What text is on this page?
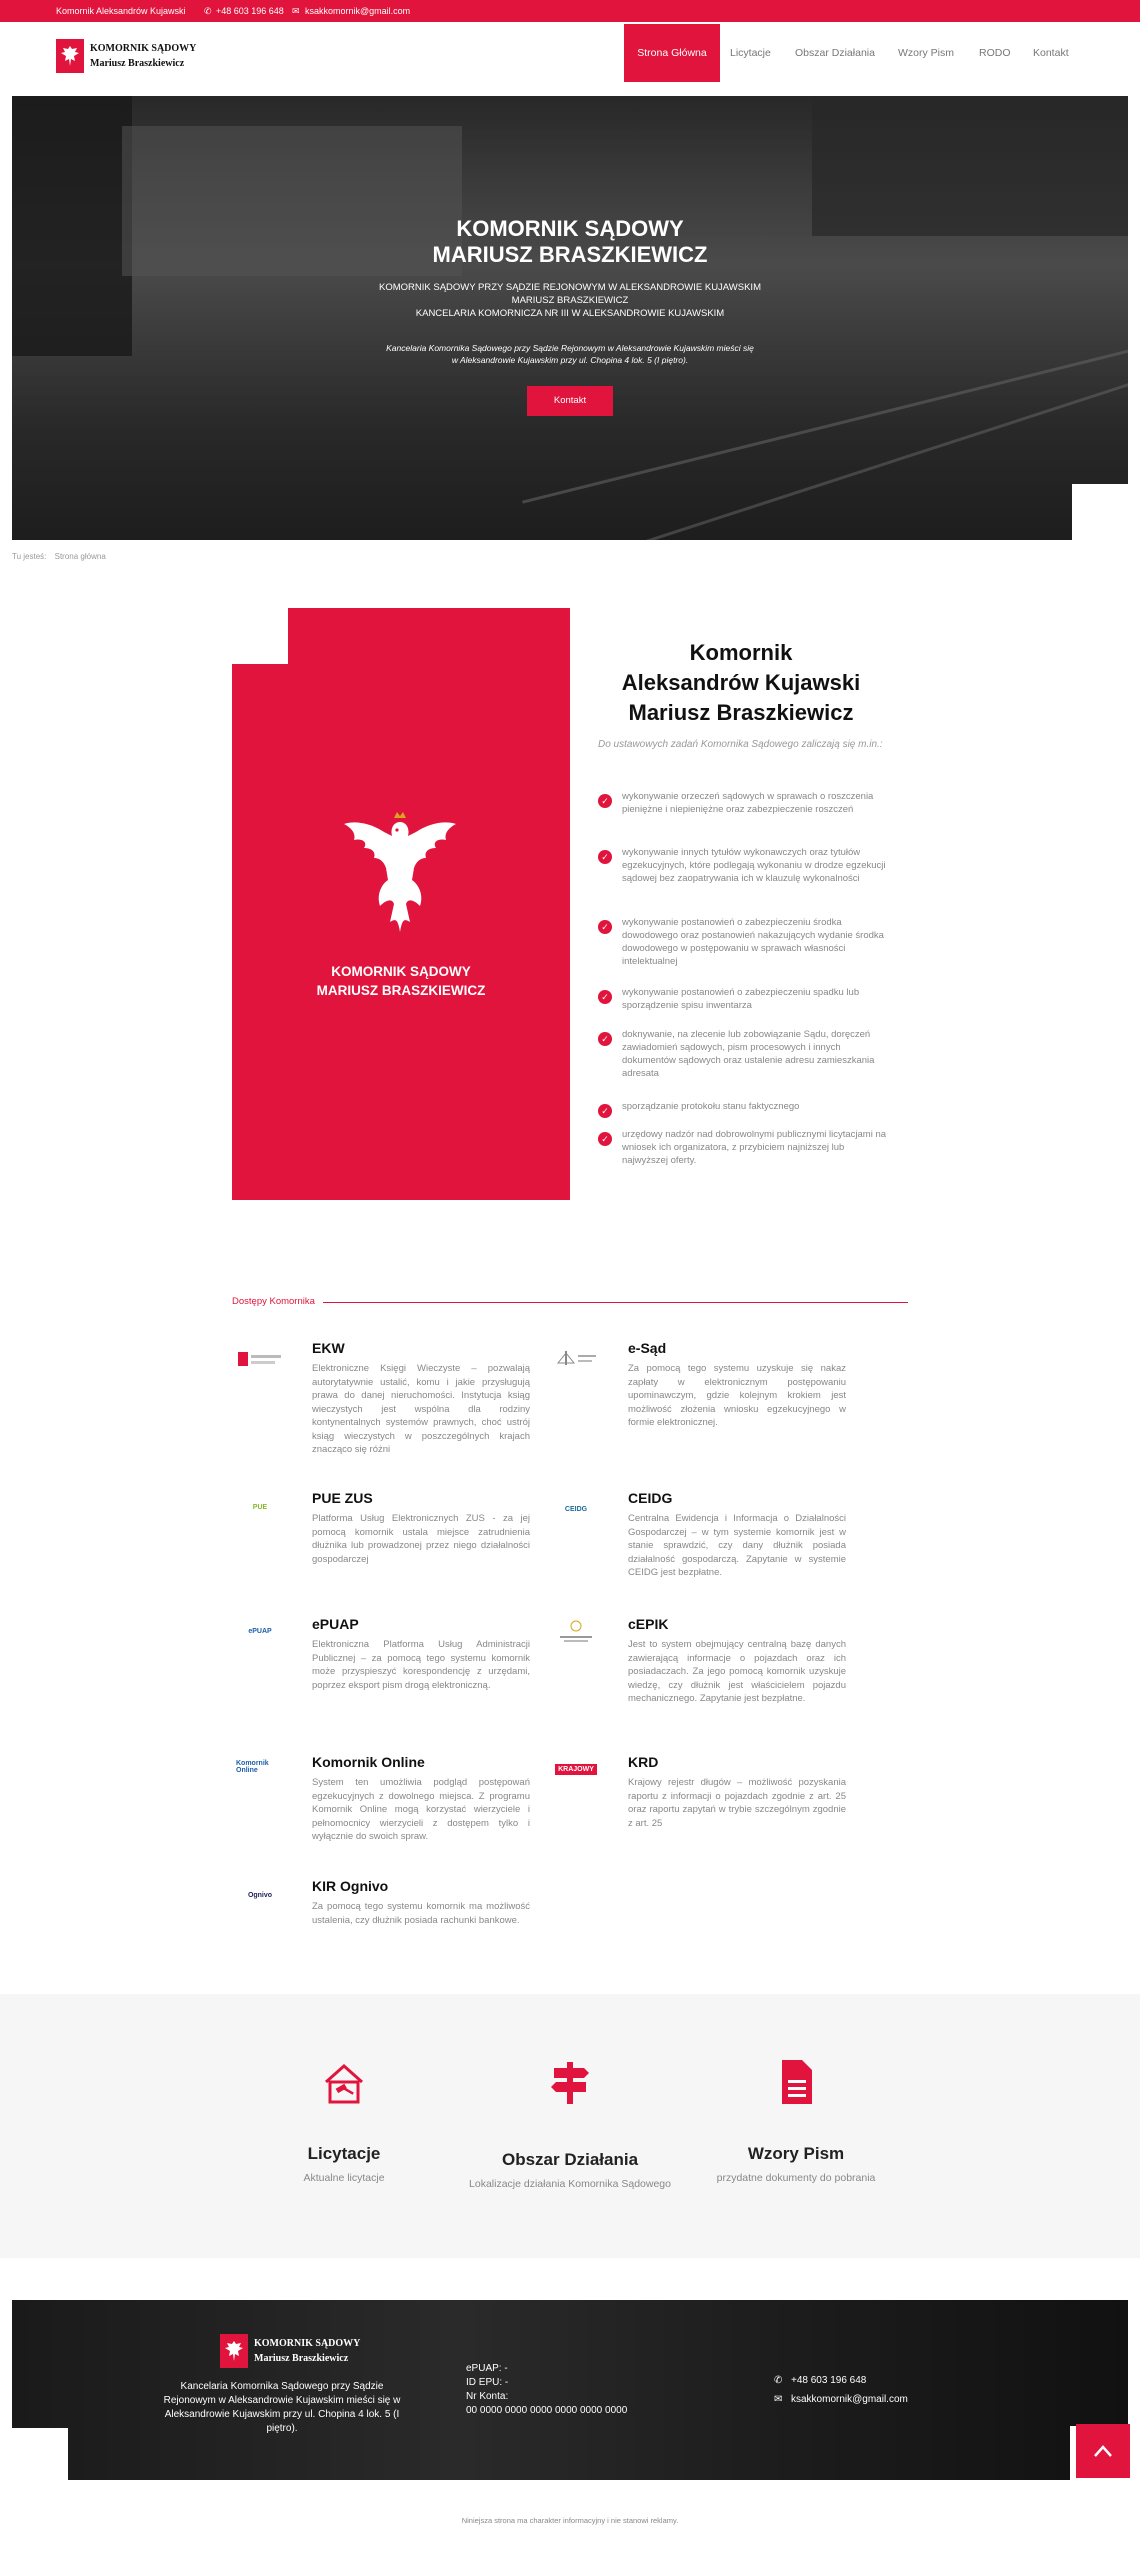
Komornik Aleksandrów Kujawski ✆ +48 603 196 648 ✉ ksakkomornik@gmail.com
KOMORNIK SĄDOWY
Mariusz Braszkiewicz
Strona Główna	Licytacje Obszar Działania Wzory Pism RODO Kontakt
KOMORNIK SĄDOWY
MARIUSZ BRASZKIEWICZ
KOMORNIK SĄDOWY PRZY SĄDZIE REJONOWYM W ALEKSANDROWIE KUJAWSKIM
MARIUSZ BRASZKIEWICZ
KANCELARIA KOMORNICZA NR III W ALEKSANDROWIE KUJAWSKIM
Kancelaria Komornika Sądowego przy Sądzie Rejonowym w Aleksandrowie Kujawskim mieści się
w Aleksandrowie Kujawskim przy ul. Chopina 4 lok. 5 (I piętro).
Kontakt
Tu jesteś: Strona główna
KOMORNIK SĄDOWY
MARIUSZ BRASZKIEWICZ
Komornik
Aleksandrów Kujawski
Mariusz Braszkiewicz
Do ustawowych zadań Komornika Sądowego zaliczają się m.in.:
✓	wykonywanie orzeczeń sądowych w sprawach o roszczenia pieniężne i niepieniężne oraz zabezpieczenie roszczeń
✓	wykonywanie innych tytułów wykonawczych oraz tytułów egzekucyjnych, które podlegają wykonaniu w drodze egzekucji sądowej bez zaopatrywania ich w klauzulę wykonalności
✓	wykonywanie postanowień o zabezpieczeniu środka dowodowego oraz postanowień nakazujących wydanie środka dowodowego w postępowaniu w sprawach własności intelektualnej
✓	wykonywanie postanowień o zabezpieczeniu spadku lub sporządzenie spisu inwentarza
✓	doknywanie, na zlecenie lub zobowiązanie Sądu, doręczeń zawiadomień sądowych, pism procesowych i innych dokumentów sądowych oraz ustalenie adresu zamieszkania adresata
✓	sporządzanie protokołu stanu faktycznego
✓	urzędowy nadzór nad dobrowolnymi publicznymi licytacjami na wniosek ich organizatora, z przybiciem najniższej lub najwyższej oferty.
Dostępy Komornika
EKW
Elektroniczne Księgi Wieczyste – pozwalają autorytatywnie ustalić, komu i jakie przysługują prawa do danej nieruchomości. Instytucja ksiąg wieczystych jest wspólna dla rodziny kontynentalnych systemów prawnych, choć ustrój ksiąg wieczystych w poszczególnych krajach znacząco się różni
e-Sąd
Za pomocą tego systemu uzyskuje się nakaz zapłaty w elektronicznym postępowaniu upominawczym, gdzie kolejnym krokiem jest możliwość złożenia wniosku egzekucyjnego w formie elektronicznej.
PUE
PUE ZUS
Platforma Usług Elektronicznych ZUS - za jej pomocą komornik ustala miejsce zatrudnienia dłużnika lub prowadzonej przez niego działalności gospodarczej
CEIDG
CEIDG
Centralna Ewidencja i Informacja o Działalności Gospodarczej – w tym systemie komornik jest w stanie sprawdzić, czy dany dłużnik posiada działalność gospodarczą. Zapytanie w systemie CEIDG jest bezpłatne.
ePUAP	ePUAP
Elektroniczna Platforma Usług Administracji Publicznej – za pomocą tego systemu komornik może przyspieszyć korespondencję z urzędami, poprzez eksport pism drogą elektroniczną.
cEPIK
Jest to system obejmujący centralną bazę danych zawierającą informacje o pojazdach oraz ich posiadaczach. Za jego pomocą komornik uzyskuje wiedzę, czy dłużnik jest właścicielem pojazdu mechanicznego. Zapytanie jest bezpłatne.
Komornik Online
Komornik Online
System ten umożliwia podgląd postępowań egzekucyjnych z dowolnego miejsca. Z programu Komornik Online mogą korzystać wierzyciele i pełnomocnicy wierzycieli z dostępem tylko i wyłącznie do swoich spraw.
KRAJOWY KRD
Krajowy rejestr długów – możliwość pozyskania raportu z informacji o pojazdach zgodnie z art. 25 oraz raportu zapytań w trybie szczególnym zgodnie z art. 25
Ognivo
KIR Ognivo
Za pomocą tego systemu komornik ma możliwość ustalenia, czy dłużnik posiada rachunki bankowe.
Licytacje
Aktualne licytacje
Obszar Działania
Lokalizacje działania Komornika Sądowego
Wzory Pism
przydatne dokumenty do pobrania
KOMORNIK SĄDOWY
Mariusz Braszkiewicz
Kancelaria Komornika Sądowego przy Sądzie Rejonowym w Aleksandrowie Kujawskim mieści się w Aleksandrowie Kujawskim przy ul. Chopina 4 lok. 5 (I piętro).
ePUAP: -
ID EPU: -
Nr Konta:
00 0000 0000 0000 0000 0000 0000
✆ +48 603 196 648
✉ ksakkomornik@gmail.com
Niniejsza strona ma charakter informacyjny i nie stanowi reklamy.
